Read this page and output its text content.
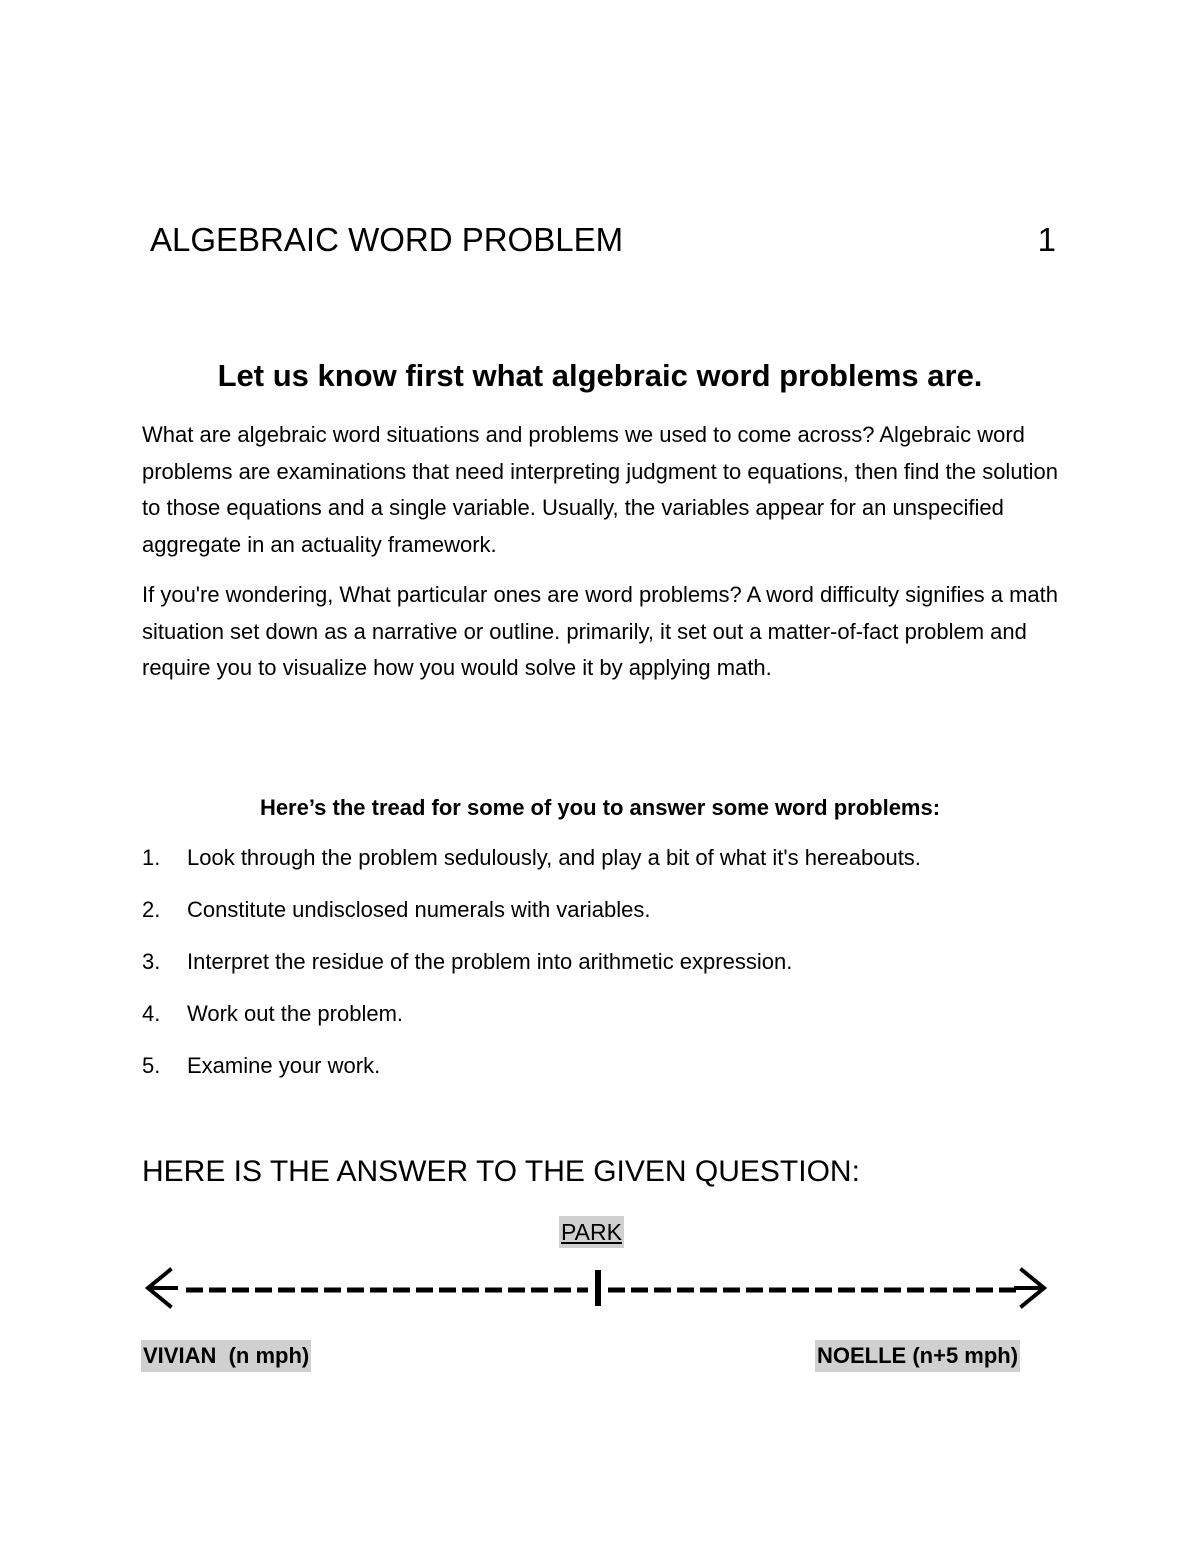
ALGEBRAIC WORD PROBLEM	1
Let us know first what algebraic word problems are.

What are algebraic word situations and problems we used to come across? Algebraic word problems are examinations that need interpreting judgment to equations, then find the solution to those equations and a single variable. Usually, the variables appear for an unspecified aggregate in an actuality framework.

If you're wondering, What particular ones are word problems? A word difficulty signifies a math situation set down as a narrative or outline. primarily, it set out a matter-of-fact problem and require you to visualize how you would solve it by applying math.

Here’s the tread for some of you to answer some word problems:
1. Look through the problem sedulously, and play a bit of what it's hereabouts.
2. Constitute undisclosed numerals with variables.
3. Interpret the residue of the problem into arithmetic expression.
4. Work out the problem.
5. Examine your work.
HERE IS THE ANSWER TO THE GIVEN QUESTION:
PARK
VIVIAN  (n mph)	NOELLE (n+5 mph)
